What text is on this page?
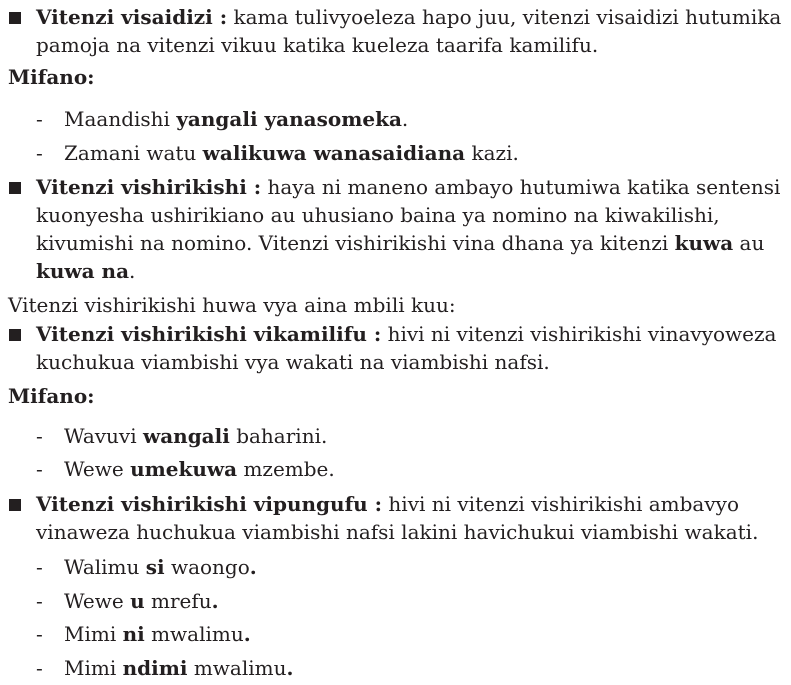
Vitenzi visaidizi : kama tulivyoeleza hapo juu, vitenzi visaidizi hutumika
pamoja na vitenzi vikuu katika kueleza taarifa kamilifu.
Mifano:
- Maandishi yangali yanasomeka.
- Zamani watu walikuwa wanasaidiana kazi.
Vitenzi vishirikishi : haya ni maneno ambayo hutumiwa katika sentensi
kuonyesha ushirikiano au uhusiano baina ya nomino na kiwakilishi,
kivumishi na nomino. Vitenzi vishirikishi vina dhana ya kitenzi kuwa au
kuwa na.
Vitenzi vishirikishi huwa vya aina mbili kuu:
Vitenzi vishirikishi vikamilifu : hivi ni vitenzi vishirikishi vinavyoweza
kuchukua viambishi vya wakati na viambishi nafsi.
Mifano:
- Wavuvi wangali baharini.
- Wewe umekuwa mzembe.
Vitenzi vishirikishi vipungufu : hivi ni vitenzi vishirikishi ambavyo
vinaweza huchukua viambishi nafsi lakini havichukui viambishi wakati.
- Walimu si waongo.
- Wewe u mrefu.
- Mimi ni mwalimu.
- Mimi ndimi mwalimu.
